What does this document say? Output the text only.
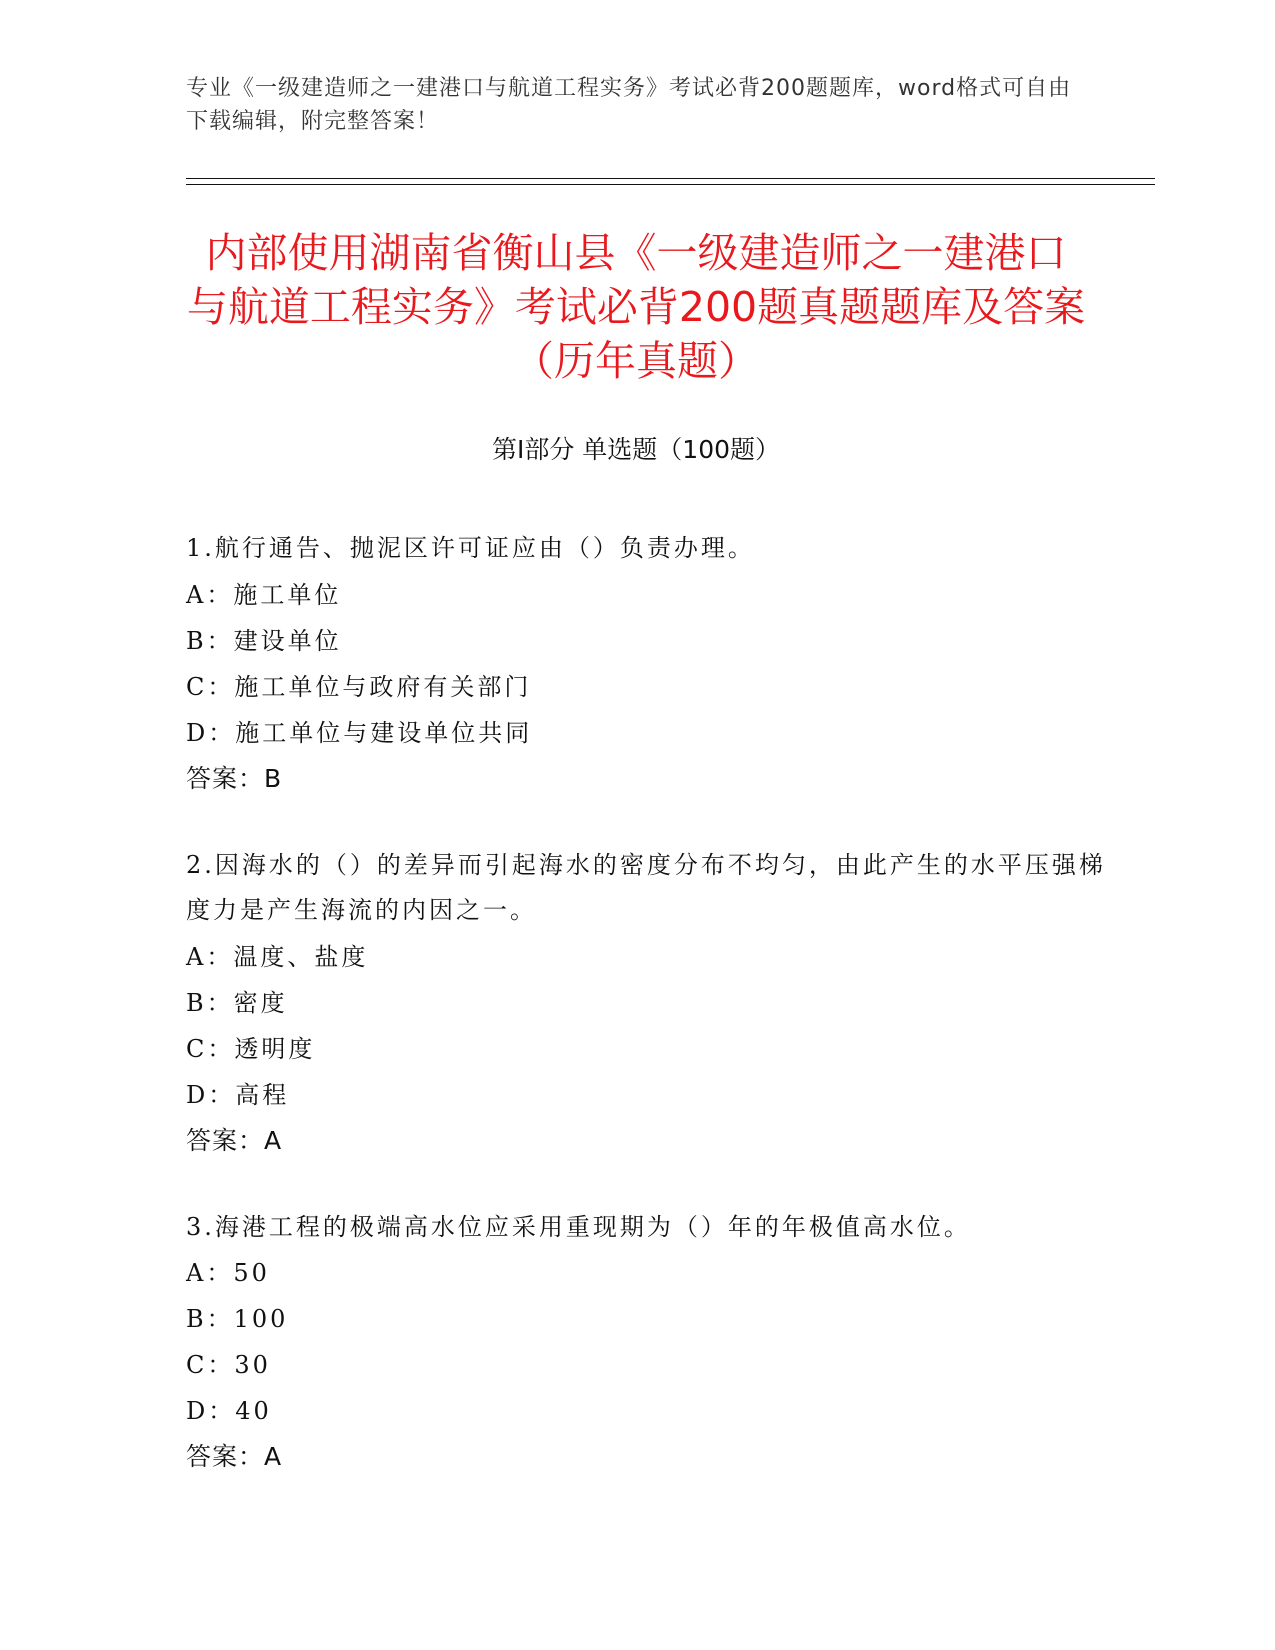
专业《一级建造师之一建港口与航道工程实务》考试必背200题题库，word格式可自由下载编辑，附完整答案！
内部使用湖南省衡山县《一级建造师之一建港口与航道工程实务》考试必背200题真题题库及答案（历年真题）
第Ⅰ部分 单选题（100题）
1.航行通告、抛泥区许可证应由（）负责办理。
A：施工单位
B：建设单位
C：施工单位与政府有关部门
D：施工单位与建设单位共同
答案：B
2.因海水的（）的差异而引起海水的密度分布不均匀，由此产生的水平压强梯度力是产生海流的内因之一。
A：温度、盐度
B：密度
C：透明度
D：高程
答案：A
3.海港工程的极端高水位应采用重现期为（）年的年极值高水位。
A：50
B：100
C：30
D：40
答案：A
